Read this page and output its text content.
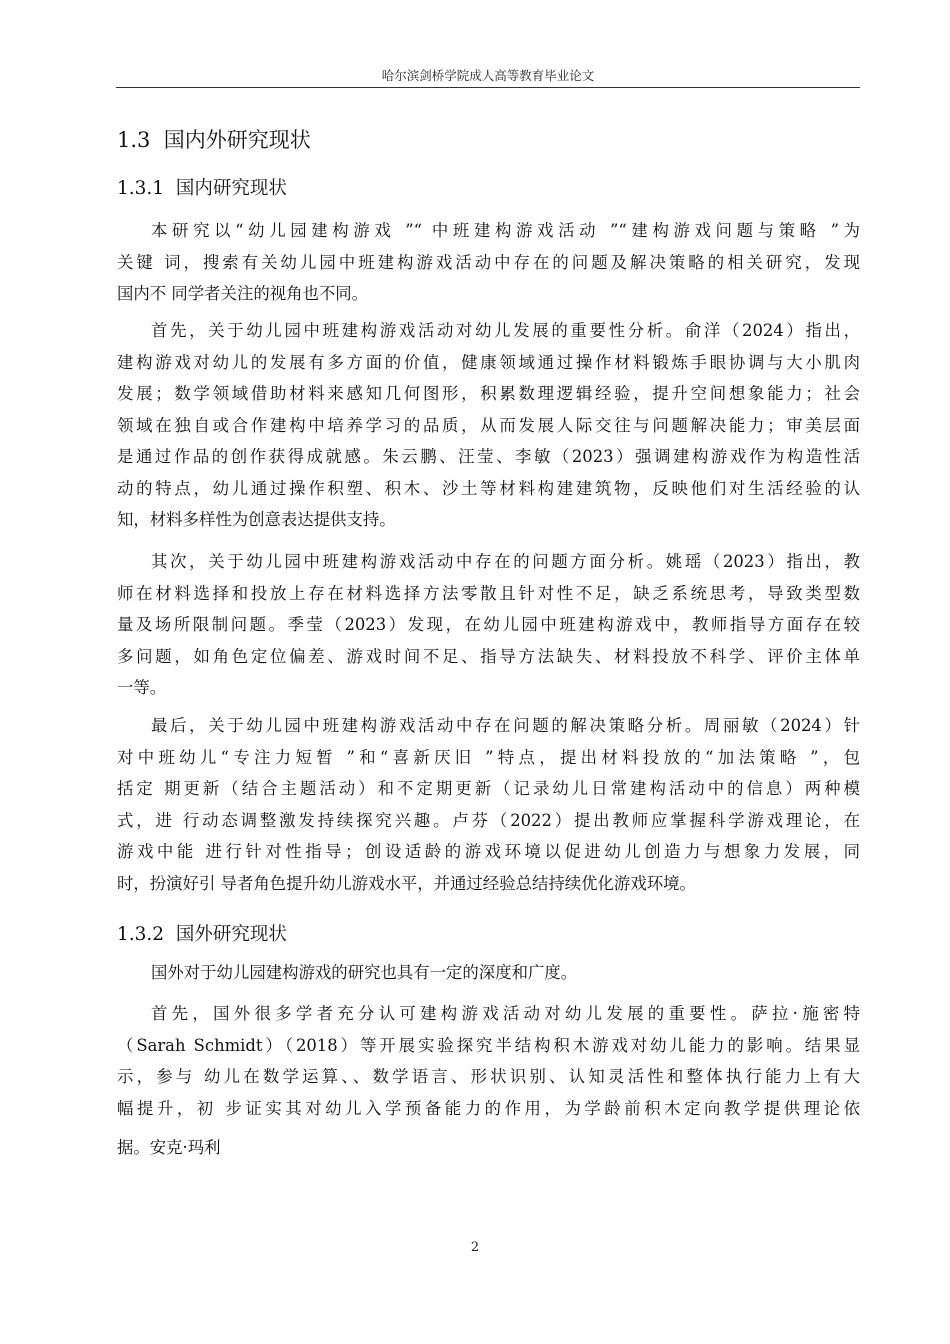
哈尔滨剑桥学院成人高等教育毕业论文
1.3 国内外研究现状
1.3.1 国内研究现状
本研究以“幼儿园建构游戏 ”“ 中班建构游戏活动 ”“建构游戏问题与策略 ”为
关键 词，搜索有关幼儿园中班建构游戏活动中存在的问题及解决策略的相关研究，发现
国内不 同学者关注的视角也不同。
首先，关于幼儿园中班建构游戏活动对幼儿发展的重要性分析。俞洋（2024）指出，
建构游戏对幼儿的发展有多方面的价值，健康领域通过操作材料锻炼手眼协调与大小肌肉
发展；数学领域借助材料来感知几何图形，积累数理逻辑经验，提升空间想象能力；社会
领域在独自或合作建构中培养学习的品质，从而发展人际交往与问题解决能力；审美层面
是通过作品的创作获得成就感。朱云鹏、汪莹、李敏（2023）强调建构游戏作为构造性活
动的特点，幼儿通过操作积塑、积木、沙土等材料构建建筑物，反映他们对生活经验的认
知，材料多样性为创意表达提供支持。
其次，关于幼儿园中班建构游戏活动中存在的问题方面分析。姚瑶（2023）指出，教
师在材料选择和投放上存在材料选择方法零散且针对性不足，缺乏系统思考，导致类型数
量及场所限制问题。季莹（2023）发现，在幼儿园中班建构游戏中，教师指导方面存在较
多问题，如角色定位偏差、游戏时间不足、指导方法缺失、材料投放不科学、评价主体单
一等。
最后，关于幼儿园中班建构游戏活动中存在问题的解决策略分析。周丽敏（2024）针
对中班幼儿“专注力短暂 ”和“喜新厌旧 ”特点，提出材料投放的“加法策略 ”，包
括定 期更新（结合主题活动）和不定期更新（记录幼儿日常建构活动中的信息）两种模
式，进 行动态调整激发持续探究兴趣。卢芬（2022）提出教师应掌握科学游戏理论，在
游戏中能 进行针对性指导；创设适龄的游戏环境以促进幼儿创造力与想象力发展，同
时，扮演好引 导者角色提升幼儿游戏水平，并通过经验总结持续优化游戏环境。
1.3.2 国外研究现状
国外对于幼儿园建构游戏的研究也具有一定的深度和广度。
首先，国外很多学者充分认可建构游戏活动对幼儿发展的重要性。萨拉·施密特
（Sarah Schmidt）（2018）等开展实验探究半结构积木游戏对幼儿能力的影响。结果显
示，参与 幼儿在数学运算、、数学语言、形状识别、认知灵活性和整体执行能力上有大
幅提升，初 步证实其对幼儿入学预备能力的作用，为学龄前积木定向教学提供理论依
据。安克·玛利
2
